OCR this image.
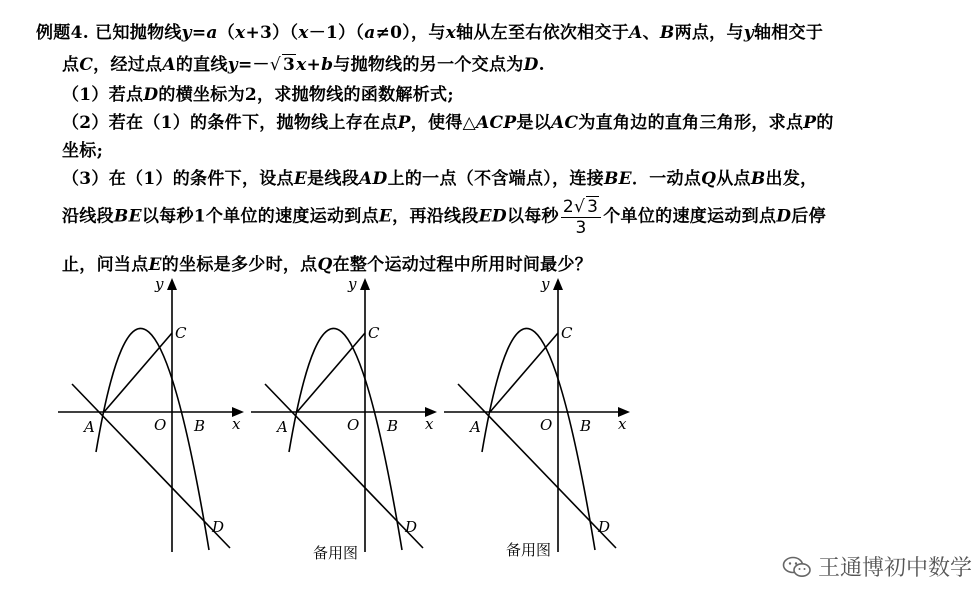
例题4. 已知抛物线y=a（x+3）（x－1）（a≠0），与x轴从左至右依次相交于A、B两点，与y轴相交于
点C，经过点A的直线y=－√ 3x+b与抛物线的另一个交点为D.
（1）若点D的横坐标为2，求抛物线的函数解析式;
（2）若在（1）的条件下，抛物线上存在点P，使得△ACP是以AC为直角边的直角三角形，求点P的
坐标;
（3）在（1）的条件下，设点E是线段AD上的一点（不含端点），连接BE．一动点Q从点B出发，
沿线段BE以每秒1个单位的速度运动到点E，再沿线段ED以每秒 $\frac{2√ 3}{3}$ 个单位的速度运动到点D后停
止，问当点E的坐标是多少时，点Q在整个运动过程中所用时间最少？
y
x
O
A	B
C
D
y
x
O
A	B
C
D
备用图
y
x
O
A	B
C
D
备用图
王通博初中数学
